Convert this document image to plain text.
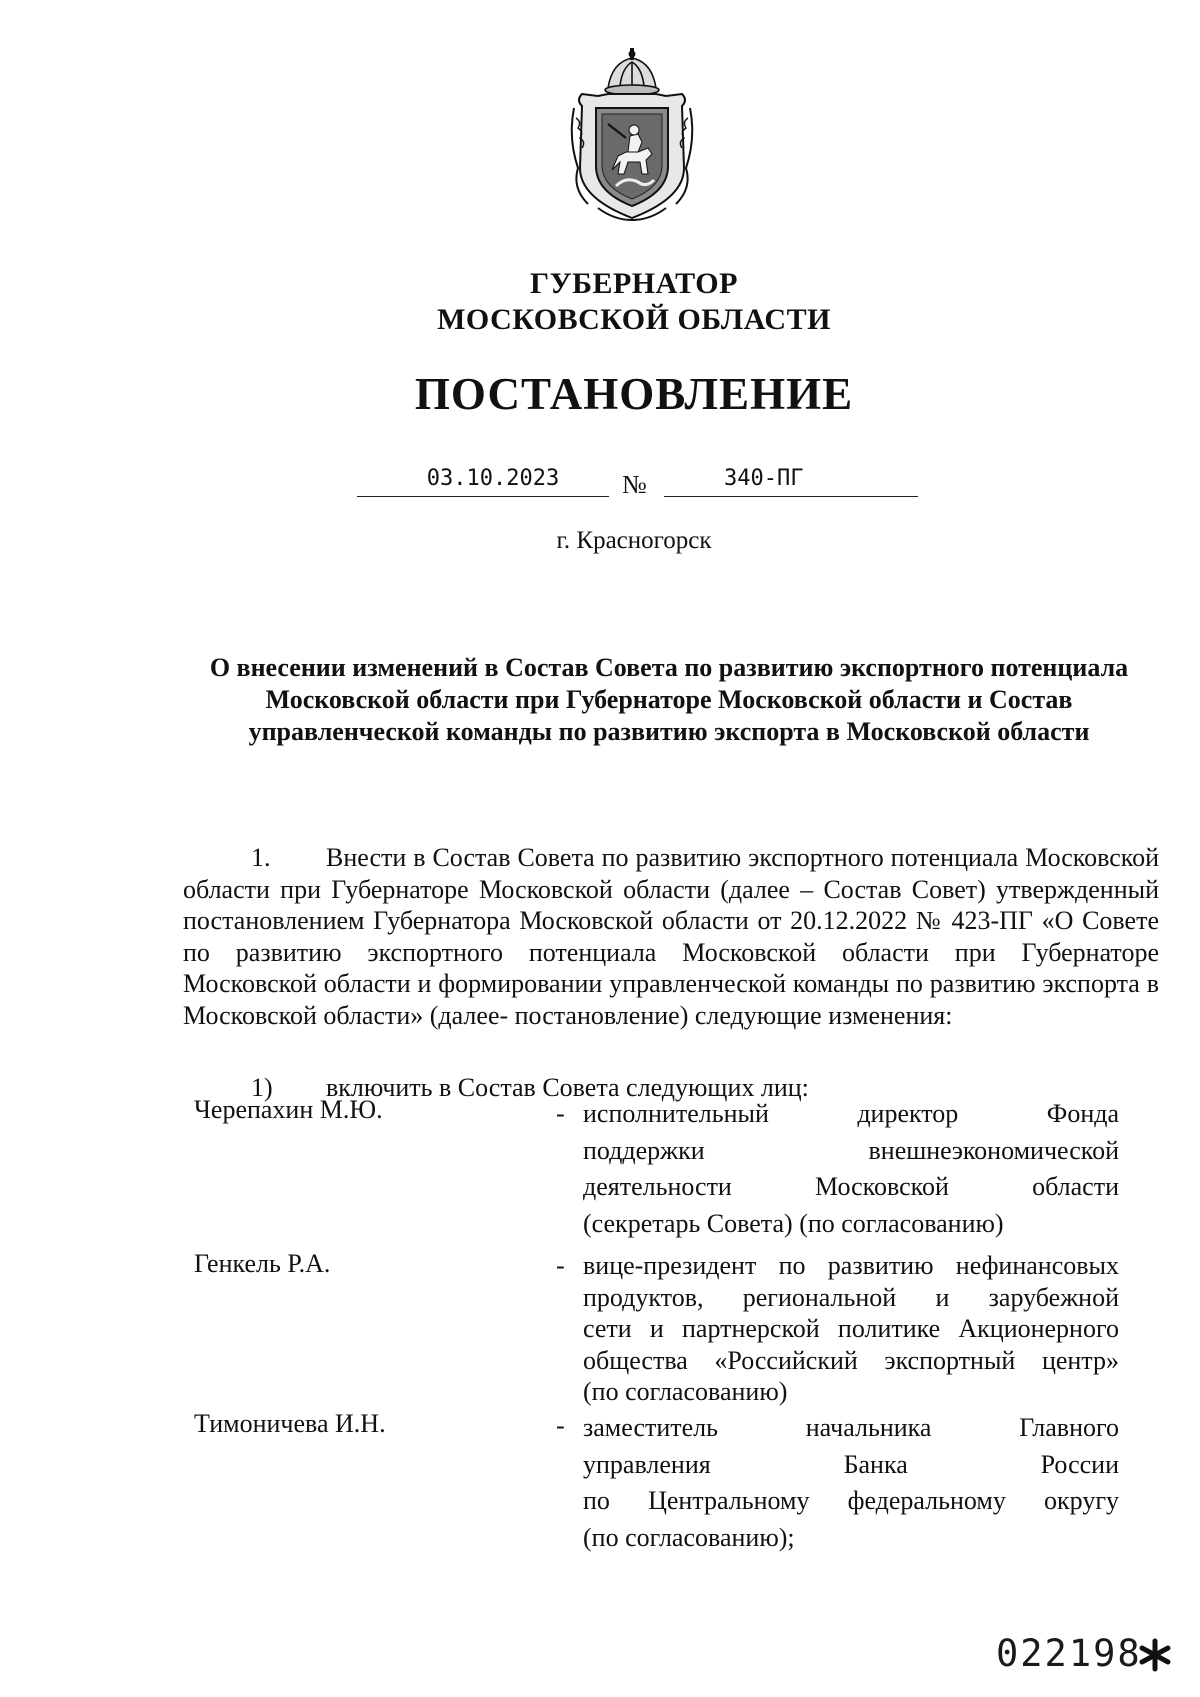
ГУБЕРНАТОР
МОСКОВСКОЙ ОБЛАСТИ
ПОСТАНОВЛЕНИЕ
03.10.2023	№	340-ПГ
г. Красногорск
О внесении изменений в Состав Совета по развитию экспортного потенциала Московской области при Губернаторе Московской области и Состав управленческой команды по развитию экспорта в Московской области
1. Внести в Состав Совета по развитию экспортного потенциала Московской области при Губернаторе Московской области (далее – Состав Совет) утвержденный постановлением Губернатора Московской области от 20.12.2022 № 423-ПГ «О Совете по развитию экспортного потенциала Московской области при Губернаторе Московской области и формировании управленческой команды по развитию экспорта в Московской области» (далее- постановление) следующие изменения:
1) включить в Состав Совета следующих лиц:
Черепахин М.Ю.	- исполнительный директор Фонда
поддержки внешнеэкономической
деятельности Московской области
(секретарь Совета) (по согласованию)
Генкель Р.А.	- вице-президент по развитию нефинансовых
продуктов, региональной и зарубежной
сети и партнерской политике Акционерного
общества «Российский экспортный центр»
(по согласованию)
Тимоничева И.Н.	- заместитель начальника Главного
управления Банка России
по Центральному федеральному округу
(по согласованию);
022198
